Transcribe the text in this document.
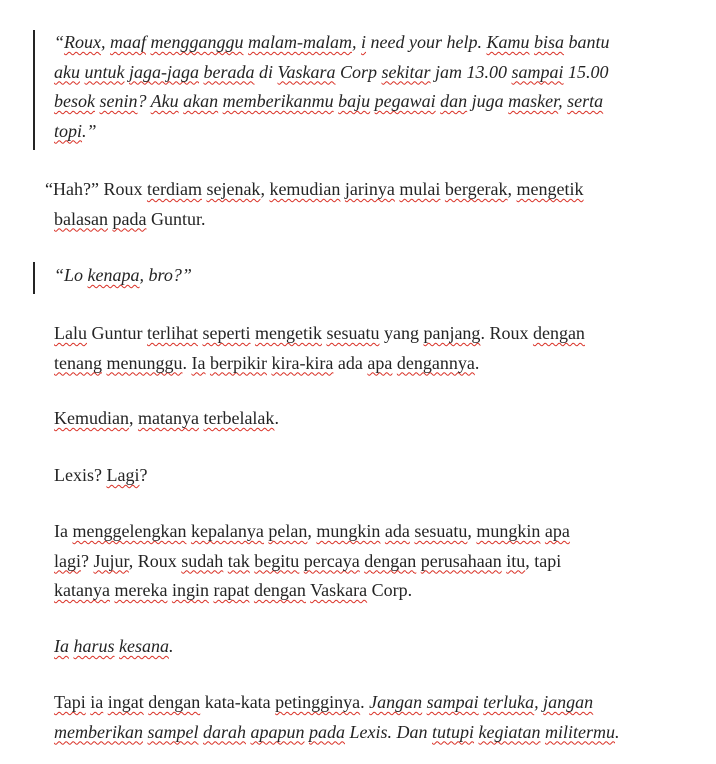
“Roux, maaf mengganggu malam-malam, i need your help. Kamu bisa bantu
aku untuk jaga-jaga berada di Vaskara Corp sekitar jam 13.00 sampai 15.00
besok senin? Aku akan memberikanmu baju pegawai dan juga masker, serta
topi.”

“Hah?” Roux terdiam sejenak, kemudian jarinya mulai bergerak, mengetik
balasan pada Guntur.

“Lo kenapa, bro?”

Lalu Guntur terlihat seperti mengetik sesuatu yang panjang. Roux dengan
tenang menunggu. Ia berpikir kira-kira ada apa dengannya.

Kemudian, matanya terbelalak.

Lexis? Lagi?

Ia menggelengkan kepalanya pelan, mungkin ada sesuatu, mungkin apa
lagi? Jujur, Roux sudah tak begitu percaya dengan perusahaan itu, tapi
katanya mereka ingin rapat dengan Vaskara Corp.

Ia harus kesana.

Tapi ia ingat dengan kata-kata petingginya. Jangan sampai terluka, jangan
memberikan sampel darah apapun pada Lexis. Dan tutupi kegiatan militermu.
